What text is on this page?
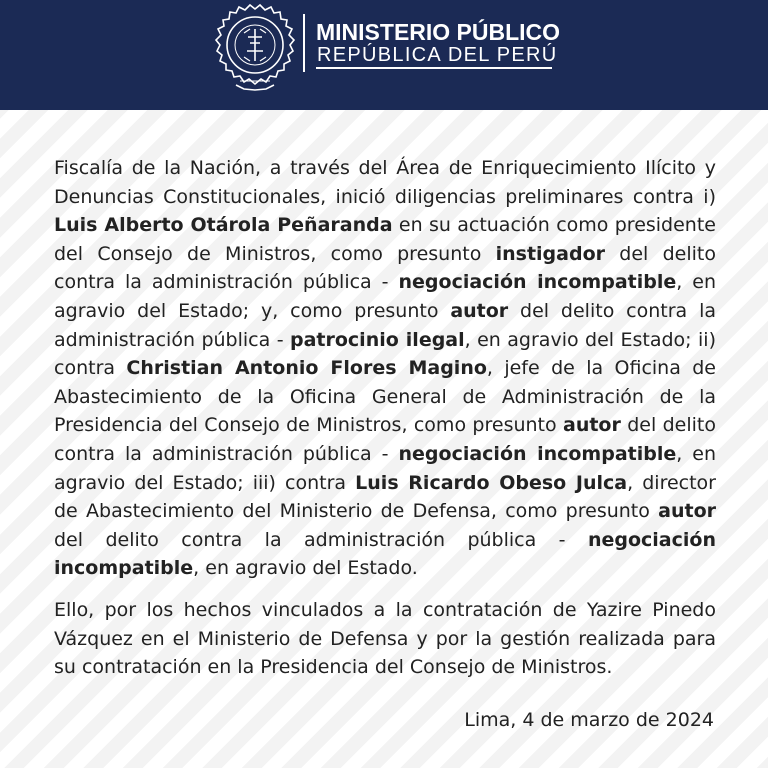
MINISTERIO PÚBLICO
REPÚBLICA DEL PERÚ

Fiscalía de la Nación, a través del Área de Enriquecimiento Ilícito y Denuncias Constitucionales, inició diligencias preliminares contra i) Luis Alberto Otárola Peñaranda en su actuación como presidente del Consejo de Ministros, como presunto instigador del delito contra la administración pública - negociación incompatible, en agravio del Estado; y, como presunto autor del delito contra la administración pública - patrocinio ilegal, en agravio del Estado; ii) contra Christian Antonio Flores Magino, jefe de la Oficina de Abastecimiento de la Oficina General de Administración de la Presidencia del Consejo de Ministros, como presunto autor del delito contra la administración pública - negociación incompatible, en agravio del Estado; iii) contra Luis Ricardo Obeso Julca, director de Abastecimiento del Ministerio de Defensa, como presunto autor del delito contra la administración pública - negociación incompatible, en agravio del Estado.

Ello, por los hechos vinculados a la contratación de Yazire Pinedo Vázquez en el Ministerio de Defensa y por la gestión realizada para su contratación en la Presidencia del Consejo de Ministros.

Lima, 4 de marzo de 2024
